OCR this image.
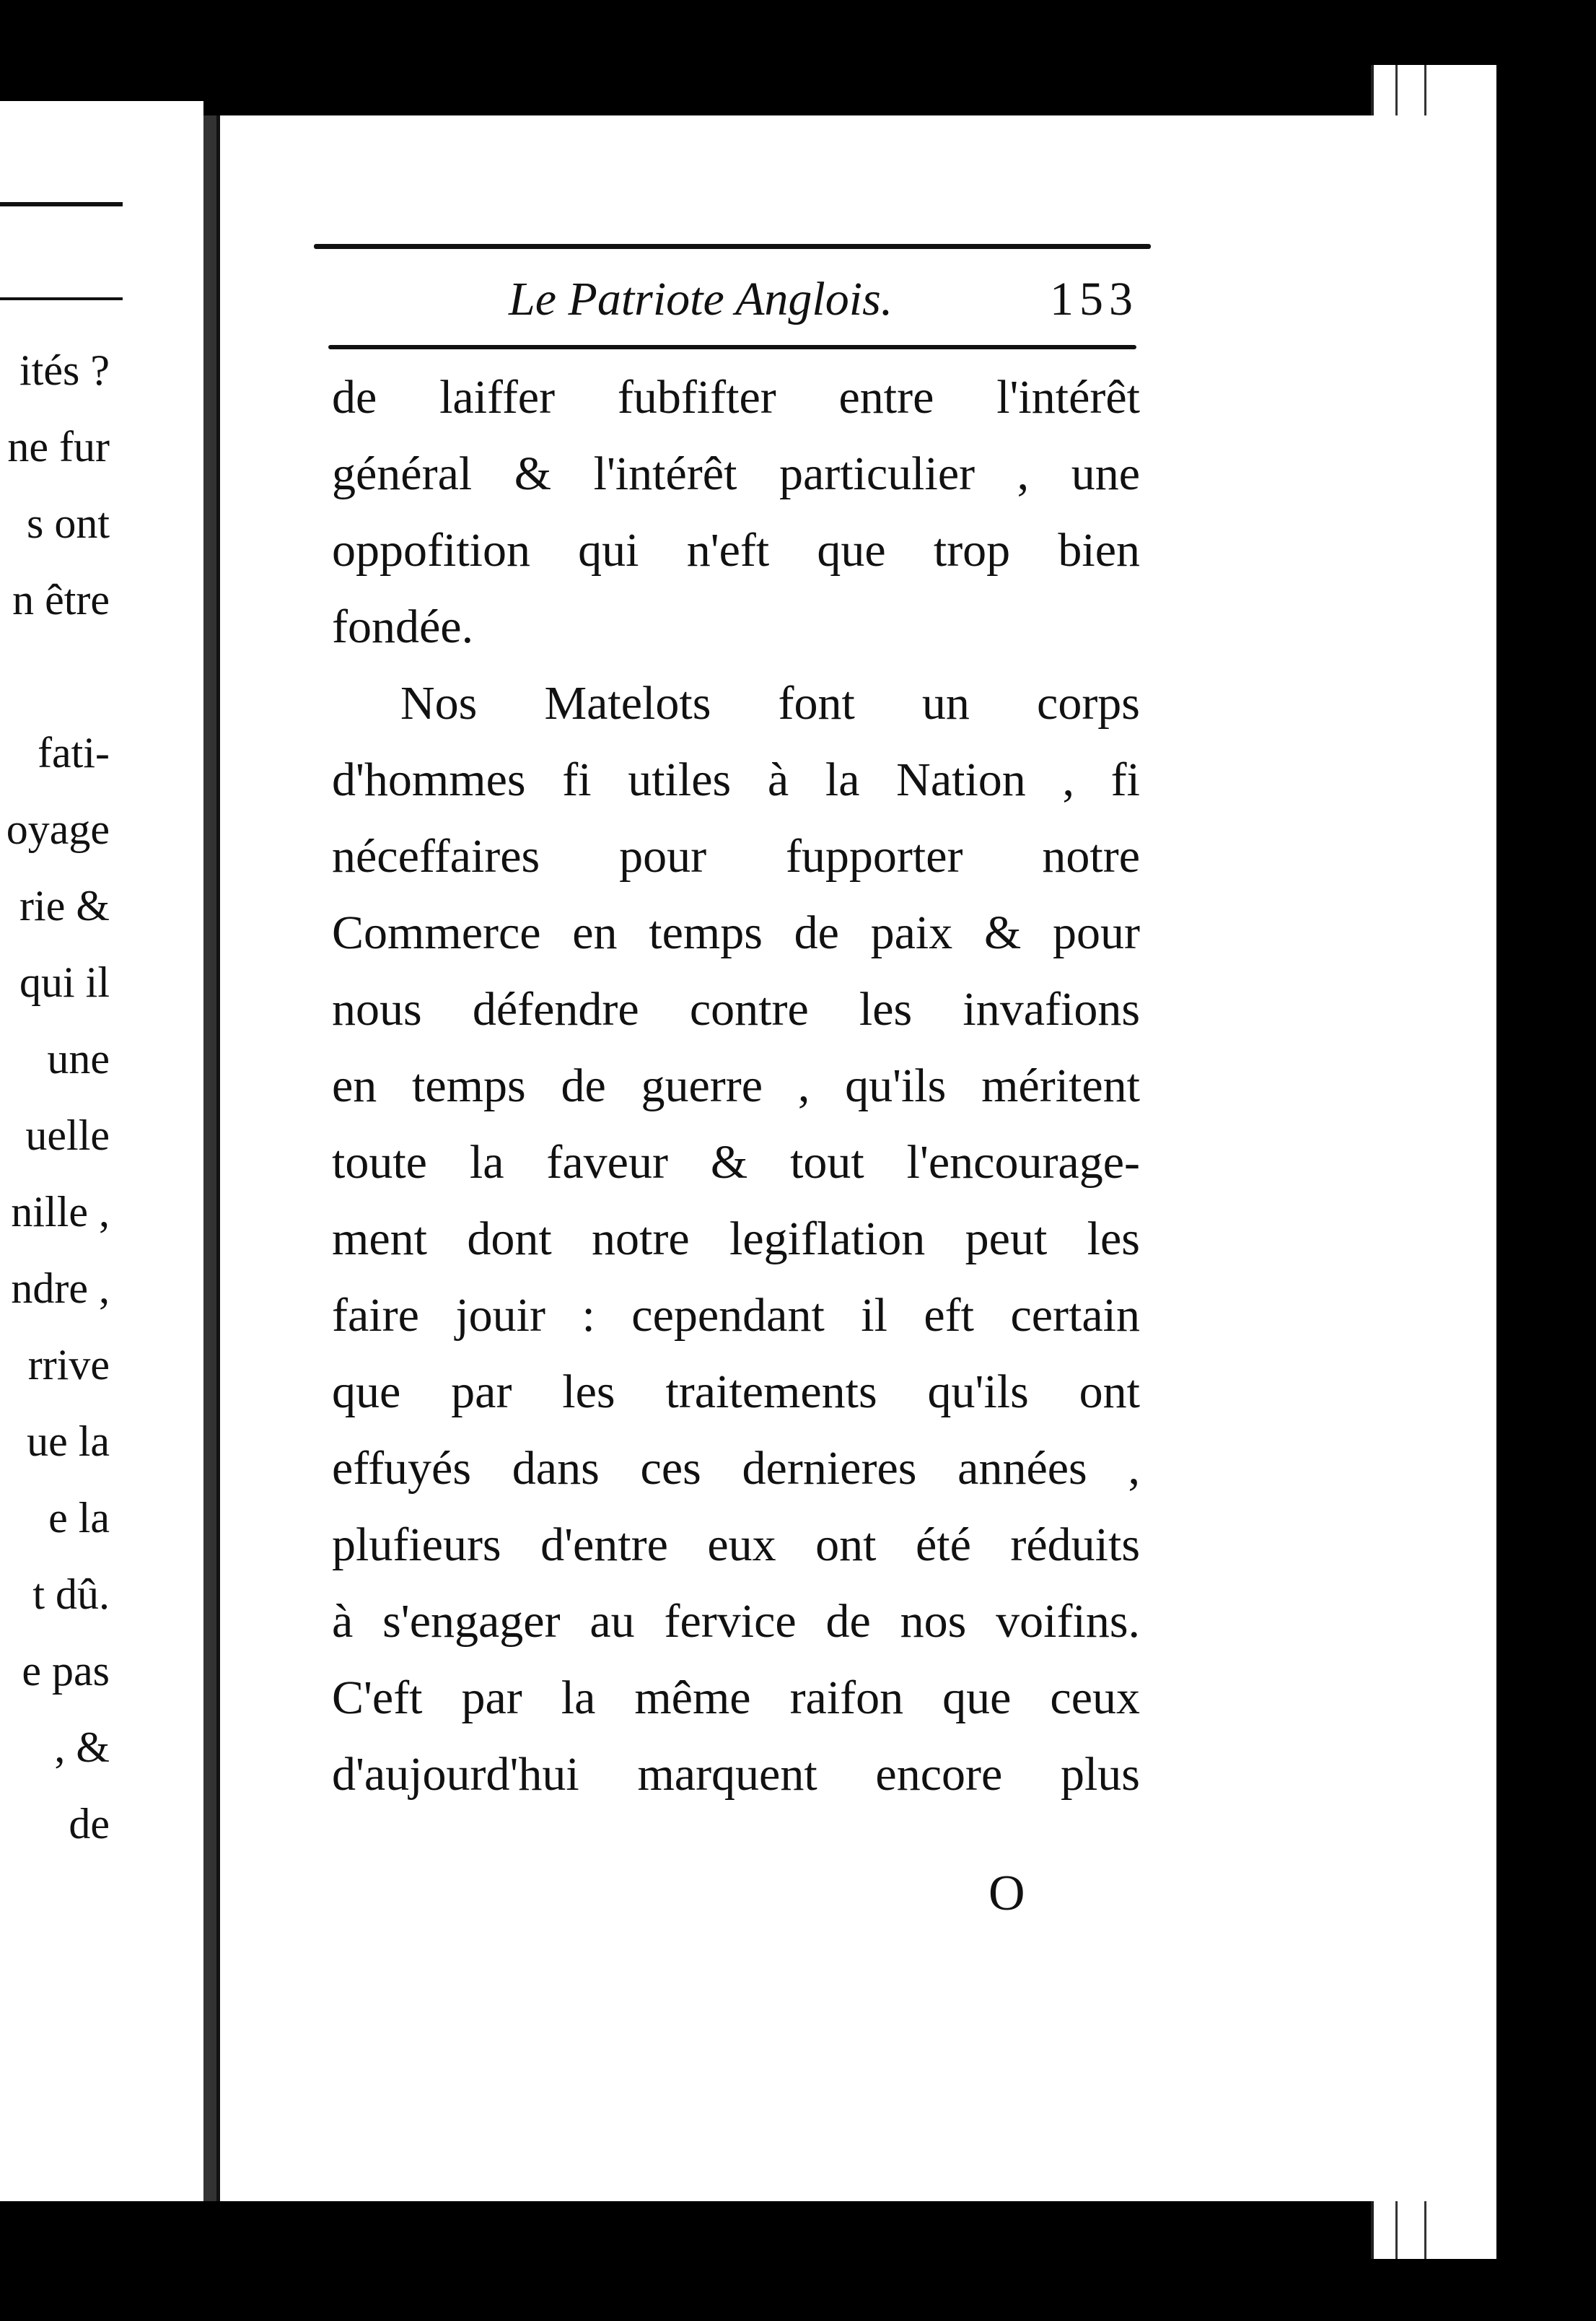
ités ?
ne fur
s ont
n être
fati-
oyage
rie &
qui il
une
uelle
nille ,
ndre ,
rrive
ue la
e la
t dû.
e pas
, &
de
Le Patriote Anglois.	153
de laiffer fubfifter entre l'intérêt
général & l'intérêt particulier , une
oppofition qui n'eft que trop bien
fondée.
Nos Matelots font un corps
d'hommes fi utiles à la Nation , fi
néceffaires pour fupporter notre
Commerce en temps de paix & pour
nous défendre contre les invafions
en temps de guerre , qu'ils méritent
toute la faveur & tout l'encourage-
ment dont notre legiflation peut les
faire jouir : cependant il eft certain
que par les traitements qu'ils ont
effuyés dans ces dernieres années ,
plufieurs d'entre eux ont été réduits
à s'engager au fervice de nos voifins.
C'eft par la même raifon que ceux
d'aujourd'hui marquent encore plus
O
